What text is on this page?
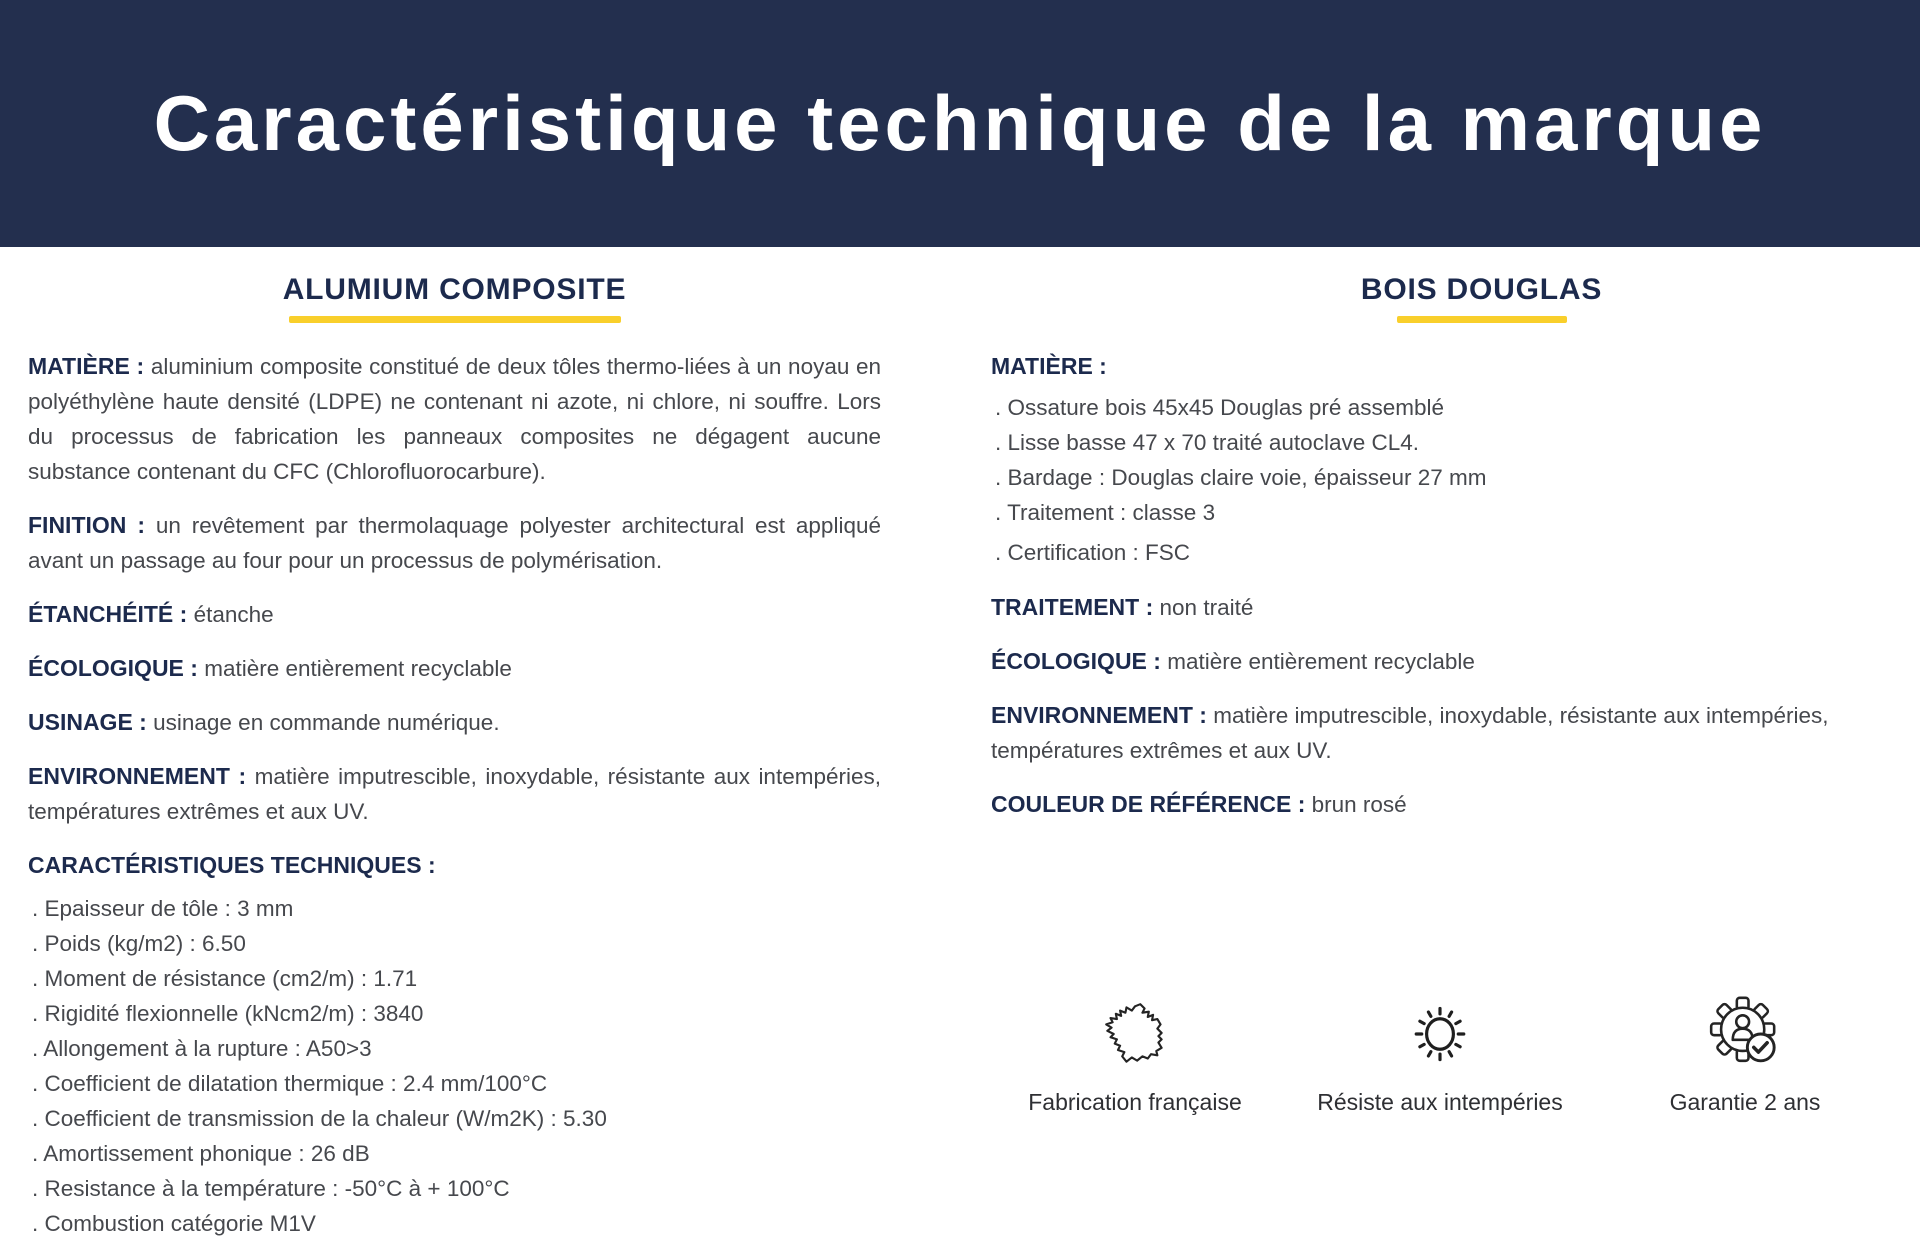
Caractéristique technique de la marque
ALUMIUM COMPOSITE

MATIÈRE : aluminium composite constitué de deux tôles thermo-liées à un noyau en polyéthylène haute densité (LDPE) ne contenant ni azote, ni chlore, ni souffre. Lors du processus de fabrication les panneaux composites ne dégagent aucune substance contenant du CFC (Chlorofluorocarbure).

FINITION : un revêtement par thermolaquage polyester architectural est appliqué avant un passage au four pour un processus de polymérisation.

ÉTANCHÉITÉ : étanche

ÉCOLOGIQUE : matière entièrement recyclable

USINAGE : usinage en commande numérique.

ENVIRONNEMENT : matière imputrescible, inoxydable, résistante aux intempéries, températures extrêmes et aux UV.

CARACTÉRISTIQUES TECHNIQUES :

. Epaisseur de tôle : 3 mm
. Poids (kg/m2) : 6.50
. Moment de résistance (cm2/m) : 1.71
. Rigidité flexionnelle (kNcm2/m) : 3840
. Allongement à la rupture : A50>3
. Coefficient de dilatation thermique : 2.4 mm/100°C
. Coefficient de transmission de la chaleur (W/m2K) : 5.30
. Amortissement phonique : 26 dB
. Resistance à la température : -50°C à + 100°C
. Combustion catégorie M1V
BOIS DOUGLAS

MATIÈRE :

. Ossature bois 45x45 Douglas pré assemblé
. Lisse basse 47 x 70 traité autoclave CL4.
. Bardage : Douglas claire voie, épaisseur 27 mm
. Traitement : classe 3
. Certification : FSC

TRAITEMENT : non traité

ÉCOLOGIQUE : matière entièrement recyclable

ENVIRONNEMENT : matière imputrescible, inoxydable, résistante aux intempéries, températures extrêmes et aux UV.

COULEUR DE RÉFÉRENCE : brun rosé

Fabrication française	Résiste aux intempéries	Garantie 2 ans
